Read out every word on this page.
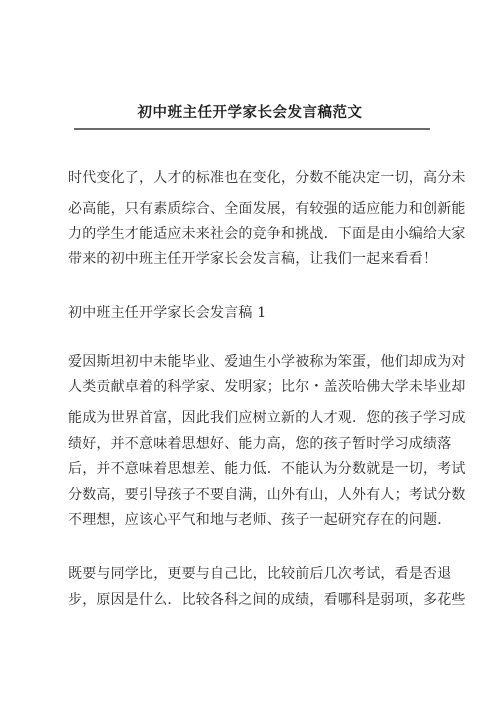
初中班主任开学家长会发言稿范文
时代变化了，人才的标准也在变化，分数不能决定一切，高分未
必高能，只有素质综合、全面发展，有较强的适应能力和创新能
力的学生才能适应未来社会的竞争和挑战．下面是由小编给大家
带来的初中班主任开学家长会发言稿，让我们一起来看看！
初中班主任开学家长会发言稿 1
爱因斯坦初中未能毕业、爱迪生小学被称为笨蛋，他们却成为对
人类贡献卓着的科学家、发明家；比尔・盖茨哈佛大学未毕业却
能成为世界首富，因此我们应树立新的人才观．您的孩子学习成
绩好，并不意味着思想好、能力高，您的孩子暂时学习成绩落
后，并不意味着思想差、能力低．不能认为分数就是一切，考试
分数高，要引导孩子不要自满，山外有山，人外有人；考试分数
不理想，应该心平气和地与老师、孩子一起研究存在的问题．
既要与同学比，更要与自己比，比较前后几次考试，看是否退
步，原因是什么．比较各科之间的成绩，看哪科是弱项，多花些
